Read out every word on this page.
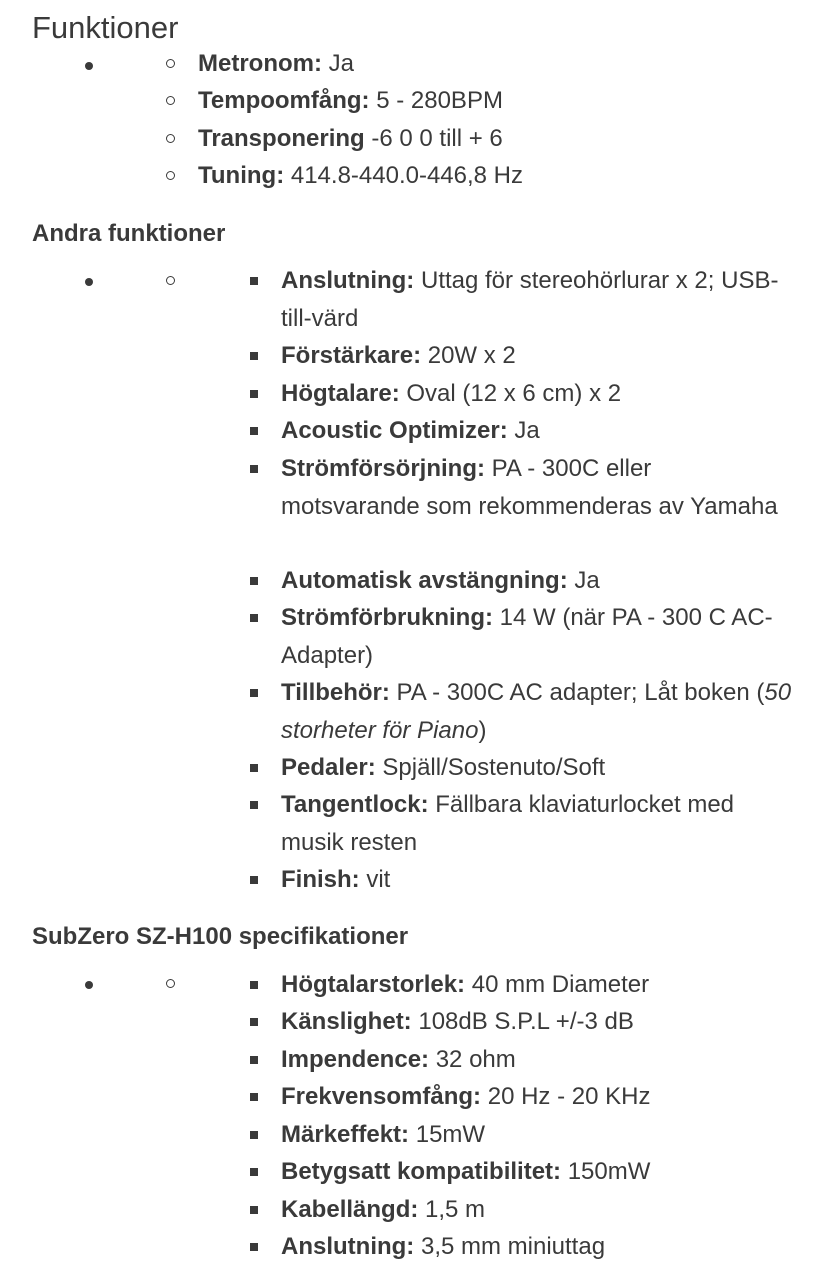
Funktioner

Metronom: Ja

Tempoomfång: 5 - 280BPM

Transponering -6 0 0 till + 6

Tuning: 414.8-440.0-446,8 Hz

Andra funktioner

Anslutning: Uttag för stereohörlurar x 2; USB-till-värd

Förstärkare: 20W x 2

Högtalare: Oval (12 x 6 cm) x 2

Acoustic Optimizer: Ja

Strömförsörjning: PA - 300C eller motsvarande som rekommenderas av Yamaha

Automatisk avstängning: Ja

Strömförbrukning: 14 W (när PA - 300 C AC-Adapter)

Tillbehör: PA - 300C AC adapter; Låt boken (50 storheter för Piano)

Pedaler: Spjäll/Sostenuto/Soft

Tangentlock: Fällbara klaviaturlocket med musik resten

Finish: vit

SubZero SZ-H100 specifikationer

Högtalarstorlek: 40 mm Diameter

Känslighet: 108dB S.P.L +/-3 dB

Impendence: 32 ohm

Frekvensomfång: 20 Hz - 20 KHz

Märkeffekt: 15mW

Betygsatt kompatibilitet: 150mW

Kabellängd: 1,5 m

Anslutning: 3,5 mm miniuttag
